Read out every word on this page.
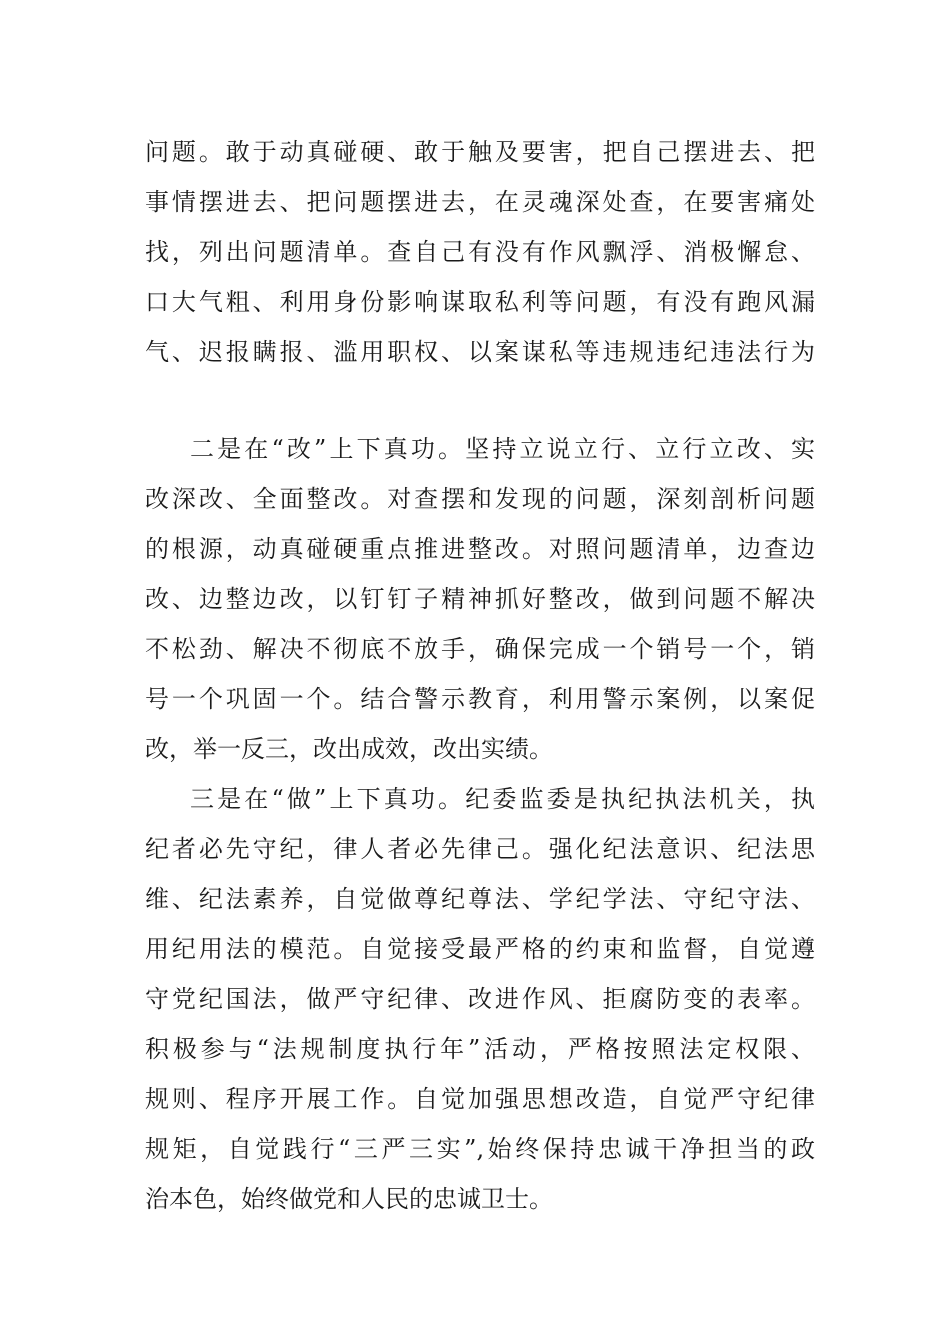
问题。敢于动真碰硬、敢于触及要害，把自己摆进去、把
事情摆进去、把问题摆进去，在灵魂深处查，在要害痛处
找，列出问题清单。查自己有没有作风飘浮、消极懈怠、
口大气粗、利用身份影响谋取私利等问题，有没有跑风漏
气、迟报瞒报、滥用职权、以案谋私等违规违纪违法行为
二是在“改”上下真功。坚持立说立行、立行立改、实
改深改、全面整改。对查摆和发现的问题，深刻剖析问题
的根源，动真碰硬重点推进整改。对照问题清单，边查边
改、边整边改，以钉钉子精神抓好整改，做到问题不解决
不松劲、解决不彻底不放手，确保完成一个销号一个，销
号一个巩固一个。结合警示教育，利用警示案例，以案促
改，举一反三，改出成效，改出实绩。
三是在“做”上下真功。纪委监委是执纪执法机关，执
纪者必先守纪，律人者必先律己。强化纪法意识、纪法思
维、纪法素养，自觉做尊纪尊法、学纪学法、守纪守法、
用纪用法的模范。自觉接受最严格的约束和监督，自觉遵
守党纪国法，做严守纪律、改进作风、拒腐防变的表率。
积极参与“法规制度执行年”活动，严格按照法定权限、
规则、程序开展工作。自觉加强思想改造，自觉严守纪律
规矩，自觉践行“三严三实”,始终保持忠诚干净担当的政
治本色，始终做党和人民的忠诚卫士。
